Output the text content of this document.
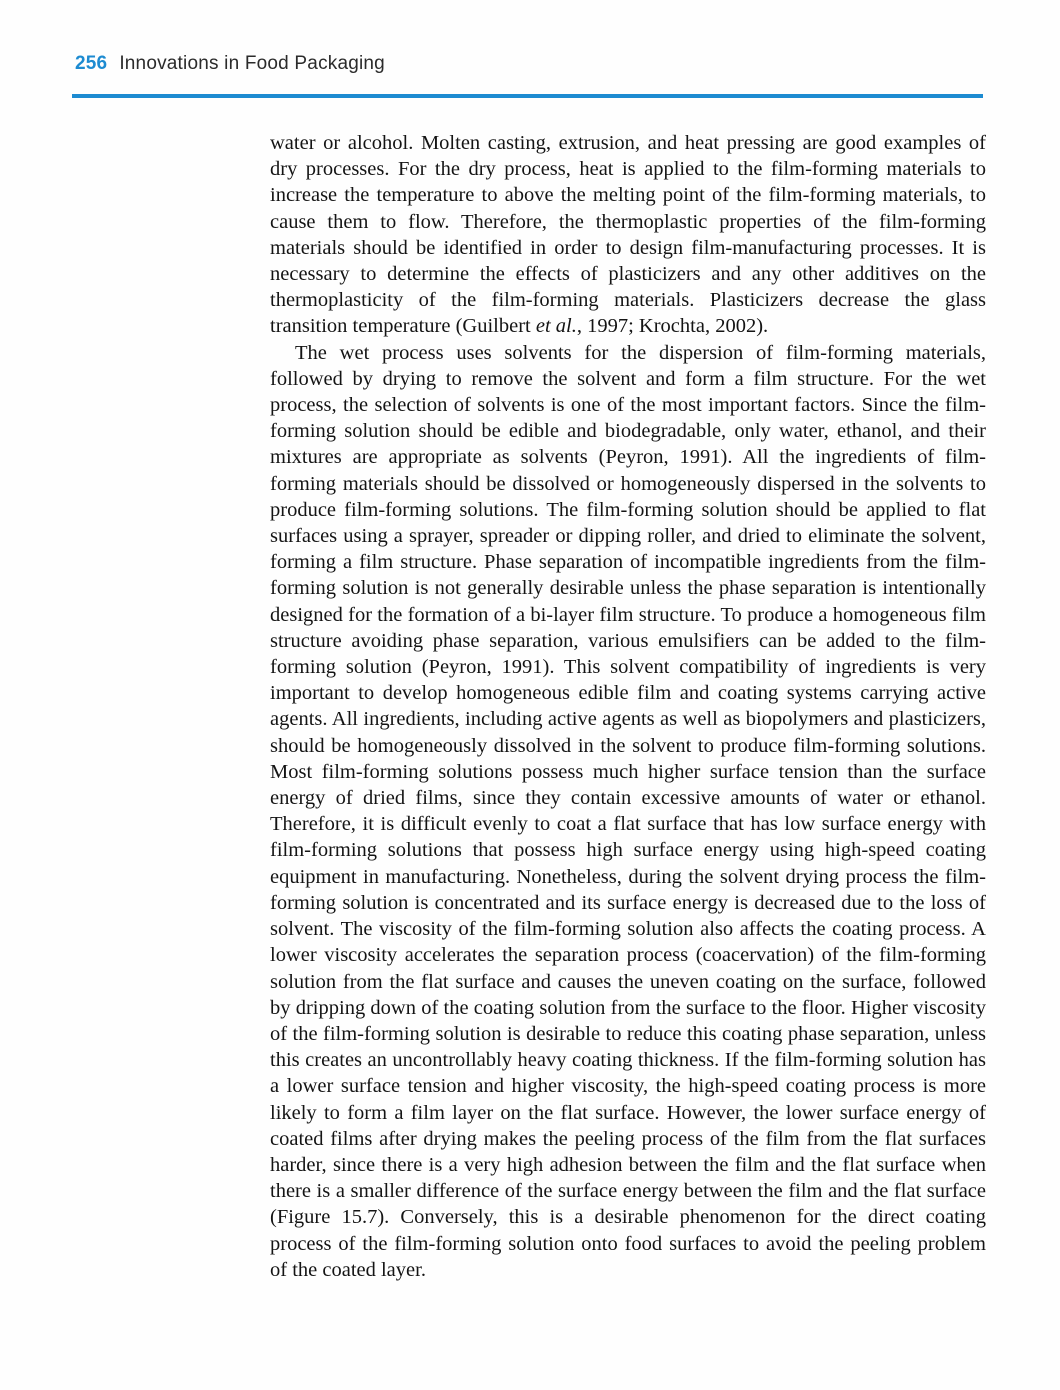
256 Innovations in Food Packaging

water or alcohol. Molten casting, extrusion, and heat pressing are good examples of dry processes. For the dry process, heat is applied to the film-forming materials to increase the temperature to above the melting point of the film-forming materials, to cause them to flow. Therefore, the thermoplastic properties of the film-forming materials should be identified in order to design film-manufacturing processes. It is necessary to determine the effects of plasticizers and any other additives on the thermoplasticity of the film-forming materials. Plasticizers decrease the glass transition temperature (Guilbert et al., 1997; Krochta, 2002).

The wet process uses solvents for the dispersion of film-forming materials, followed by drying to remove the solvent and form a film structure. For the wet process, the selection of solvents is one of the most important factors. Since the film-forming solution should be edible and biodegradable, only water, ethanol, and their mixtures are appropriate as solvents (Peyron, 1991). All the ingredients of film-forming materials should be dissolved or homogeneously dispersed in the solvents to produce film-forming solutions. The film-forming solution should be applied to flat surfaces using a sprayer, spreader or dipping roller, and dried to eliminate the solvent, forming a film structure. Phase separation of incompatible ingredients from the film-forming solution is not generally desirable unless the phase separation is intentionally designed for the formation of a bi-layer film structure. To produce a homogeneous film structure avoiding phase separation, various emulsifiers can be added to the film-forming solution (Peyron, 1991). This solvent compatibility of ingredients is very important to develop homogeneous edible film and coating systems carrying active agents. All ingredients, including active agents as well as biopolymers and plasticizers, should be homogeneously dissolved in the solvent to produce film-forming solutions. Most film-forming solutions possess much higher surface tension than the surface energy of dried films, since they contain excessive amounts of water or ethanol. Therefore, it is difficult evenly to coat a flat surface that has low surface energy with film-forming solutions that possess high surface energy using high-speed coating equipment in manufacturing. Nonetheless, during the solvent drying process the film-forming solution is concentrated and its surface energy is decreased due to the loss of solvent. The viscosity of the film-forming solution also affects the coating process. A lower viscosity accelerates the separation process (coacervation) of the film-forming solution from the flat surface and causes the uneven coating on the surface, followed by dripping down of the coating solution from the surface to the floor. Higher viscosity of the film-forming solution is desirable to reduce this coating phase separation, unless this creates an uncontrollably heavy coating thickness. If the film-forming solution has a lower surface tension and higher viscosity, the high-speed coating process is more likely to form a film layer on the flat surface. However, the lower surface energy of coated films after drying makes the peeling process of the film from the flat surfaces harder, since there is a very high adhesion between the film and the flat surface when there is a smaller difference of the surface energy between the film and the flat surface (Figure 15.7). Conversely, this is a desirable phenomenon for the direct coating process of the film-forming solution onto food surfaces to avoid the peeling problem of the coated layer.
